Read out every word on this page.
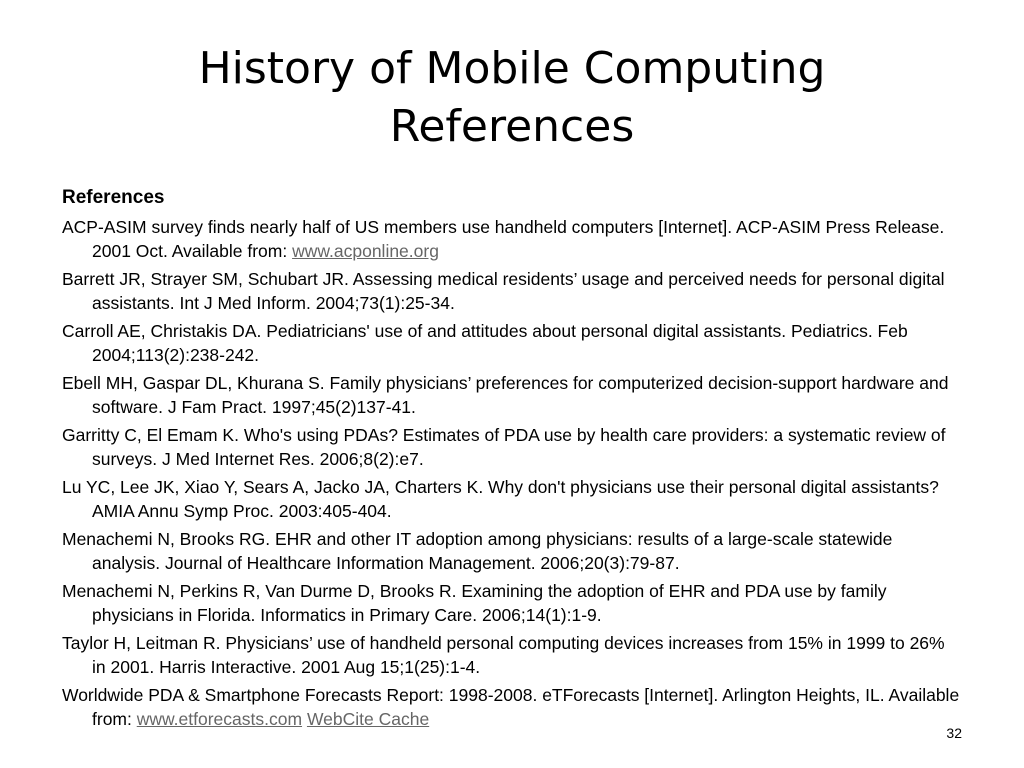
History of Mobile Computing
References
References
ACP-ASIM survey finds nearly half of US members use handheld computers [Internet]. ACP-ASIM Press Release. 2001 Oct. Available from: www.acponline.org
Barrett JR, Strayer SM, Schubart JR. Assessing medical residents’ usage and perceived needs for personal digital assistants. Int J Med Inform. 2004;73(1):25-34.
Carroll AE, Christakis DA. Pediatricians' use of and attitudes about personal digital assistants. Pediatrics. Feb 2004;113(2):238-242.
Ebell MH, Gaspar DL, Khurana S. Family physicians’ preferences for computerized decision-support hardware and software. J Fam Pract. 1997;45(2)137-41.
Garritty C, El Emam K. Who's using PDAs? Estimates of PDA use by health care providers: a systematic review of surveys. J Med Internet Res. 2006;8(2):e7.
Lu YC, Lee JK, Xiao Y, Sears A, Jacko JA, Charters K. Why don't physicians use their personal digital assistants? AMIA Annu Symp Proc. 2003:405-404.
Menachemi N, Brooks RG. EHR and other IT adoption among physicians: results of a large-scale statewide analysis. Journal of Healthcare Information Management. 2006;20(3):79-87.
Menachemi N, Perkins R, Van Durme D, Brooks R. Examining the adoption of EHR and PDA use by family physicians in Florida. Informatics in Primary Care. 2006;14(1):1-9.
Taylor H, Leitman R. Physicians’ use of handheld personal computing devices increases from 15% in 1999 to 26% in 2001. Harris Interactive. 2001 Aug 15;1(25):1-4.
Worldwide PDA & Smartphone Forecasts Report: 1998-2008. eTForecasts [Internet]. Arlington Heights, IL. Available from: www.etforecasts.com WebCite Cache
32
